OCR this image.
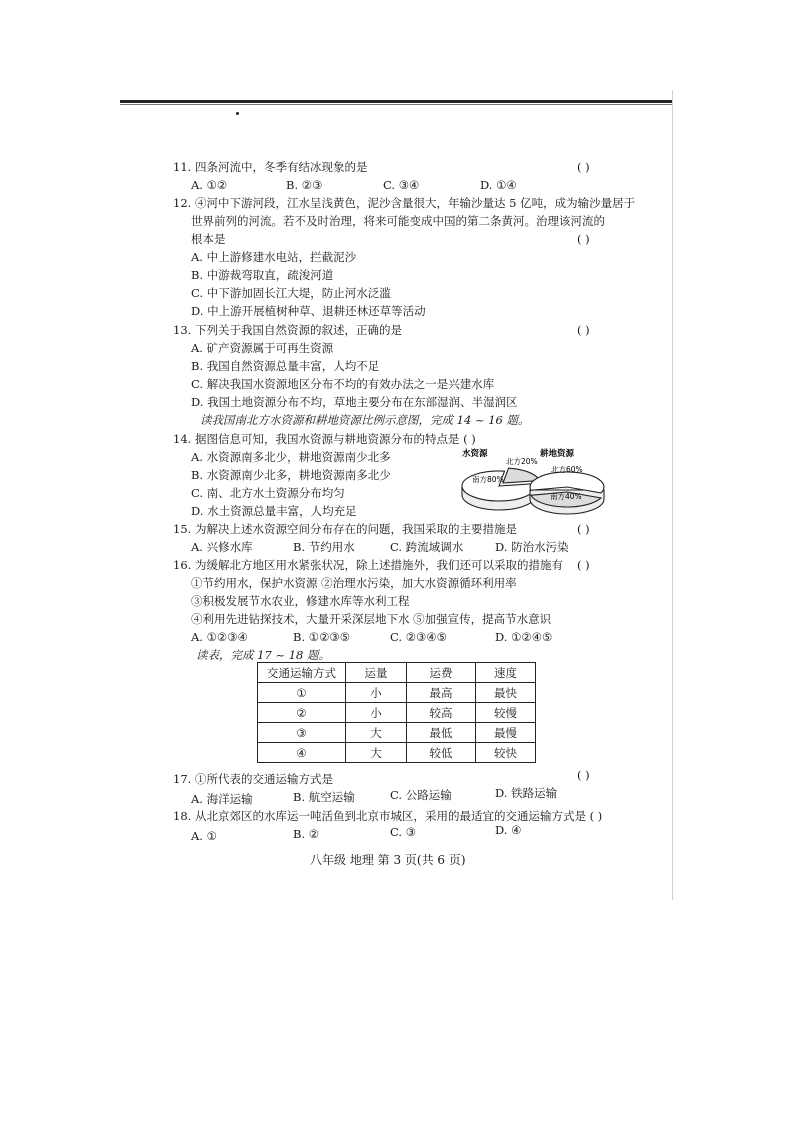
11. 四条河流中，冬季有结冰现象的是	( )
A. ①②	B. ②③	C. ③④	D. ①④
12. ④河中下游河段，江水呈浅黄色，泥沙含量很大，年输沙量达 5 亿吨，成为输沙量居于
世界前列的河流。若不及时治理，将来可能变成中国的第二条黄河。治理该河流的
根本是	( )
A. 中上游修建水电站，拦截泥沙
B. 中游裁弯取直，疏浚河道
C. 中下游加固长江大堤，防止河水泛滥
D. 中上游开展植树种草、退耕还林还草等活动
13. 下列关于我国自然资源的叙述，正确的是	( )
A. 矿产资源属于可再生资源
B. 我国自然资源总量丰富，人均不足
C. 解决我国水资源地区分布不均的有效办法之一是兴建水库
D. 我国土地资源分布不均，草地主要分布在东部湿润、半湿润区
读我国南北方水资源和耕地资源比例示意图，完成 14 ~ 16 题。
14. 据图信息可知，我国水资源与耕地资源分布的特点是 ( )
A. 水资源南多北少，耕地资源南少北多
B. 水资源南少北多，耕地资源南多北少
C. 南、北方水土资源分布均匀
D. 水土资源总量丰富，人均充足
水资源
南方80%
北方20%
耕地资源
北方60%
南方40%
15. 为解决上述水资源空间分布存在的问题，我国采取的主要措施是	( )
A. 兴修水库	B. 节约用水	C. 跨流域调水	D. 防治水污染
16. 为缓解北方地区用水紧张状况，除上述措施外，我们还可以采取的措施有 ( )
①节约用水，保护水资源 ②治理水污染，加大水资源循环利用率
③积极发展节水农业，修建水库等水利工程
④利用先进钻探技术，大量开采深层地下水 ⑤加强宣传，提高节水意识
A. ①②③④	B. ①②③⑤	C. ②③④⑤	D. ①②④⑤
读表，完成 17 ~ 18 题。
交通运输方式	运量	运费	速度
①	小	最高	最快
②	小	较高	较慢
③	大	最低	最慢
④	大	较低	较快
17. ①所代表的交通运输方式是	( )
A. 海洋运输	B. 航空运输	C. 公路运输	D. 铁路运输
18. 从北京郊区的水库运一吨活鱼到北京市城区，采用的最适宜的交通运输方式是 ( )
A. ①	B. ②	C. ③	D. ④
八年级 地理 第 3 页(共 6 页)
